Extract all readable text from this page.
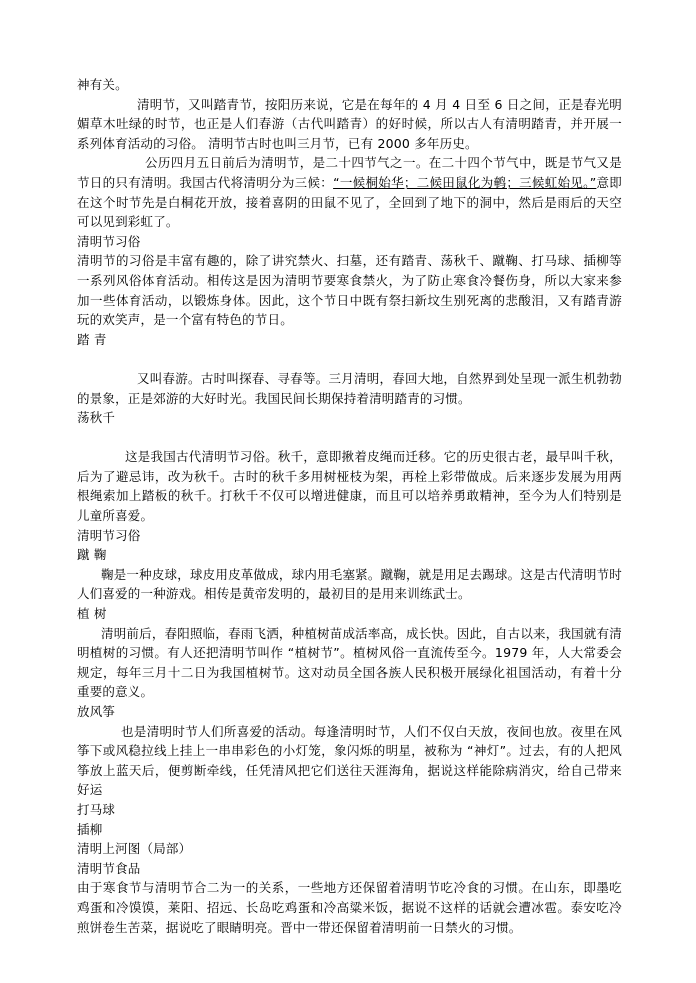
神有关。

清明节，又叫踏青节，按阳历来说，它是在每年的 4 月 4 日至 6 日之间，正是春光明媚草木吐绿的时节，也正是人们春游（古代叫踏青）的好时候，所以古人有清明踏青，并开展一系列体育活动的习俗。 清明节古时也叫三月节，已有 2000 多年历史。

公历四月五日前后为清明节，是二十四节气之一。在二十四个节气中，既是节气又是节日的只有清明。我国古代将清明分为三候：“一候桐始华；二候田鼠化为鹌；三候虹始见。”意即在这个时节先是白桐花开放，接着喜阴的田鼠不见了，全回到了地下的洞中，然后是雨后的天空可以见到彩虹了。

清明节习俗

清明节的习俗是丰富有趣的，除了讲究禁火、扫墓，还有踏青、荡秋千、蹴鞠、打马球、插柳等一系列风俗体育活动。相传这是因为清明节要寒食禁火，为了防止寒食冷餐伤身，所以大家来参加一些体育活动，以锻炼身体。因此，这个节日中既有祭扫新坟生别死离的悲酸泪，又有踏青游玩的欢笑声，是一个富有特色的节日。

踏 青

又叫春游。古时叫探春、寻春等。三月清明，春回大地，自然界到处呈现一派生机勃勃的景象，正是郊游的大好时光。我国民间长期保持着清明踏青的习惯。

荡秋千

这是我国古代清明节习俗。秋千，意即揪着皮绳而迁移。它的历史很古老，最早叫千秋，后为了避忌讳，改为秋千。古时的秋千多用树桠枝为架，再栓上彩带做成。后来逐步发展为用两根绳索加上踏板的秋千。打秋千不仅可以增进健康，而且可以培养勇敢精神，至今为人们特别是儿童所喜爱。

清明节习俗

蹴 鞠

鞠是一种皮球，球皮用皮革做成，球内用毛塞紧。蹴鞠，就是用足去踢球。这是古代清明节时人们喜爱的一种游戏。相传是黄帝发明的，最初目的是用来训练武士。

植 树

清明前后，春阳照临，春雨飞洒，种植树苗成活率高，成长快。因此，自古以来，我国就有清明植树的习惯。有人还把清明节叫作 “植树节”。植树风俗一直流传至今。1979 年，人大常委会规定，每年三月十二日为我国植树节。这对动员全国各族人民积极开展绿化祖国活动，有着十分重要的意义。

放风筝

也是清明时节人们所喜爱的活动。每逢清明时节，人们不仅白天放，夜间也放。夜里在风筝下或风稳拉线上挂上一串串彩色的小灯笼，象闪烁的明星，被称为 “神灯”。过去，有的人把风筝放上蓝天后，便剪断牵线，任凭清风把它们送往天涯海角，据说这样能除病消灾，给自己带来好运

打马球

插柳

清明上河图（局部）

清明节食品

由于寒食节与清明节合二为一的关系，一些地方还保留着清明节吃冷食的习惯。在山东，即墨吃鸡蛋和冷馍馍，莱阳、招远、长岛吃鸡蛋和冷高粱米饭，据说不这样的话就会遭冰雹。泰安吃冷煎饼卷生苦菜，据说吃了眼睛明亮。晋中一带还保留着清明前一日禁火的习惯。
